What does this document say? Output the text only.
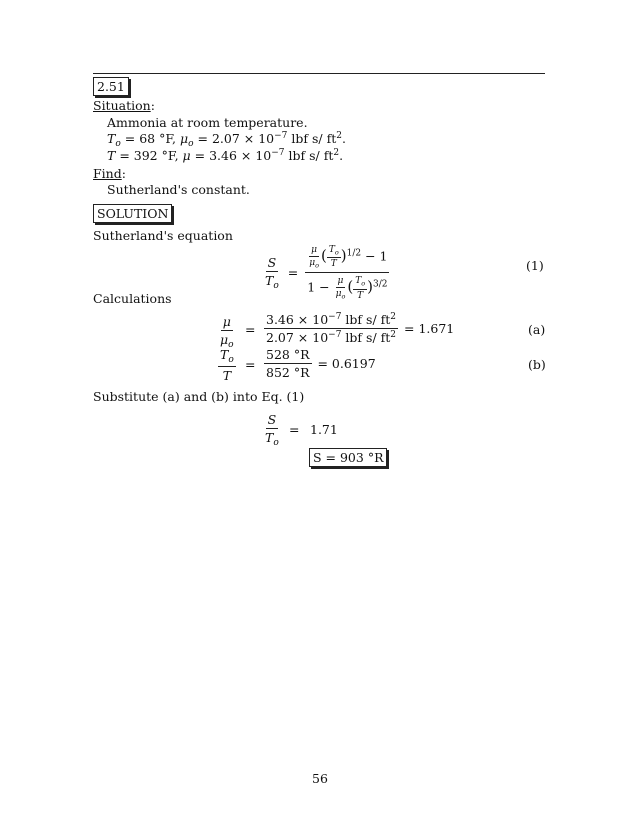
2.51
Situation:
Ammonia at room temperature.
$T_o = 68$ °F, $\mu_o = 2.07 \times 10^{-7}$ lbf s/ $ft^2$.
T = 392 °F, $\mu = 3.46 \times 10^{-7}$ lbf s/ $ft^2$.
Find:
Sutherland's constant.
SOLUTION
Sutherland's equation
$\frac{S}{T_o} = \frac{\frac{\mu}{\mu_o} ( \frac{T_o}{T} )^{1/2} - 1}{1 - \frac{\mu}{\mu_o} ( \frac{T_o}{T} )^{3/2}}$	(1)
Calculations
$\frac{\mu}{\mu_o} = \frac{3.46 \times 10^{-7} lbf s/ ft^2}{2.07 \times 10^{-7} lbf s/ ft^2} = 1.671$	(a)
$\frac{T_o}{T} = \frac{528 ^\circ R}{852 ^\circ R} = 0.6197$	(b)
Substitute (a) and (b) into Eq. (1)
$\frac{S}{T_o} = 1.71$
S = 903 °R
56
